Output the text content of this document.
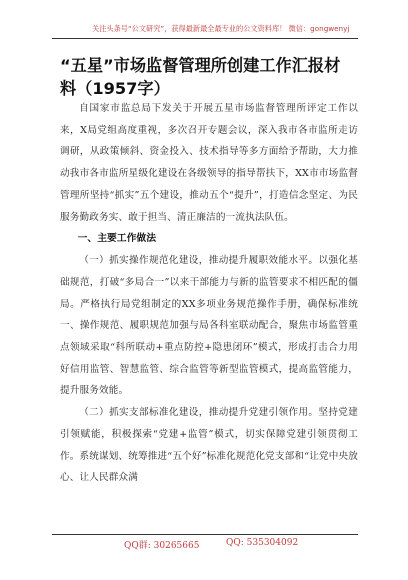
关注头条号“公文研究”，获得最新最全最专业的公文资料库！ 微信：gongwenyj
“五星”市场监督管理所创建工作汇报材料（1957字）

自国家市监总局下发关于开展五星市场监督管理所评定工作以来，X局党组高度重视，多次召开专题会议，深入我市各市监所走访调研，从政策倾斜、资金投入、技术指导等多方面给予帮助，大力推动我市各市监所星级化建设在各级领导的指导帮扶下，XX市市场监督管理所坚持“抓实”五个建设，推动五个“提升”，打造信念坚定、为民服务勤政务实、敢于担当、清正廉洁的一流执法队伍。

一、主要工作做法

（一）抓实操作规范化建设，推动提升履职效能水平。以强化基础规范，打破“多局合一”以来干部能力与新的监管要求不相匹配的僵局。严格执行局党组制定的XX多项业务规范操作手册，确保标准统一、操作规范、履职规范加强与局各科室联动配合，聚焦市场监管重点领域采取“科所联动+重点防控+隐患闭环”模式，形成打击合力用好信用监管、智慧监管、综合监管等新型监管模式，提高监管能力，提升服务效能。

（二）抓实支部标准化建设，推动提升党建引领作用。坚持党建引领赋能，积极探索“党建+监管”模式，切实保障党建引领贯彻工作。系统谋划、统筹推进“五个好”标准化规范化党支部和“让党中央放心、让人民群众满

QQ群: 30265665	QQ: 535304092
